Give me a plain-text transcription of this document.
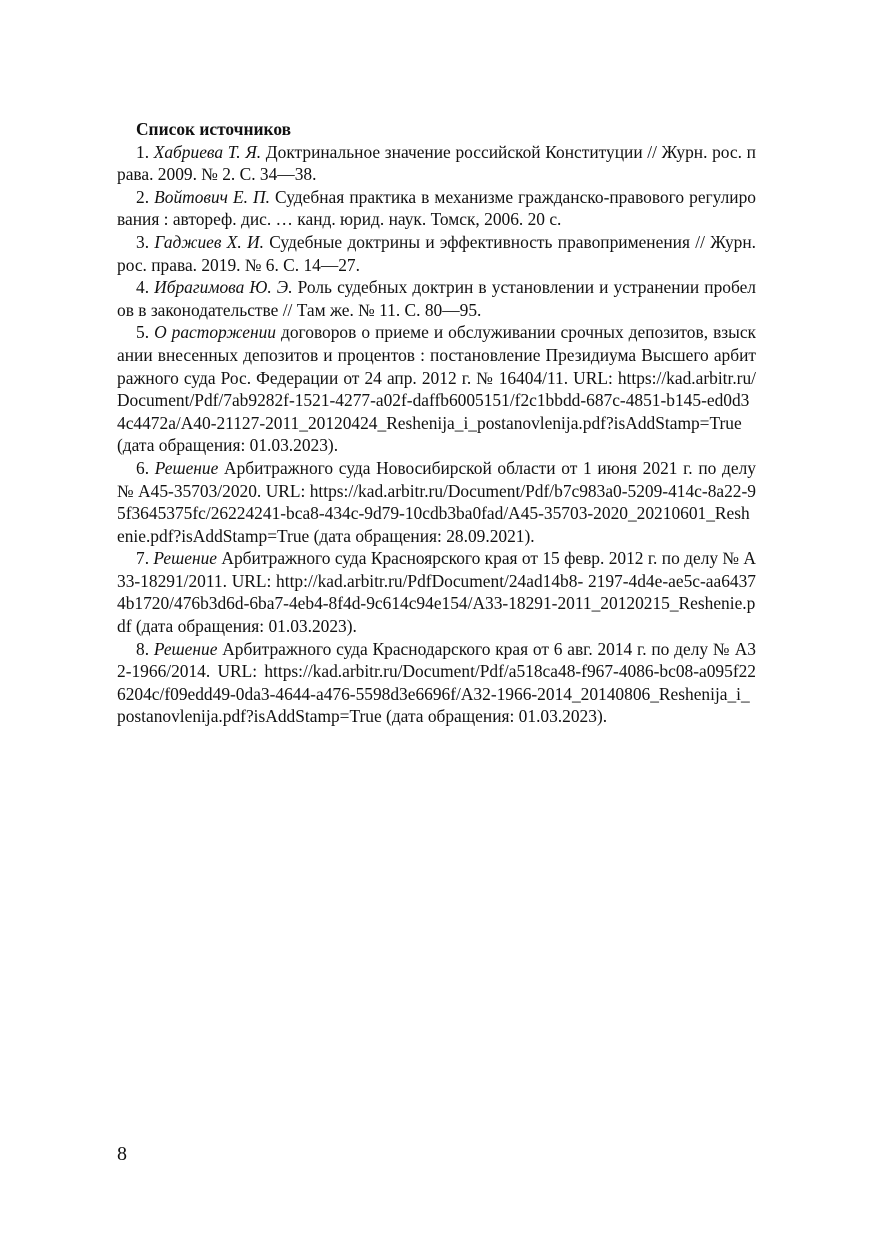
Список источников

1. Хабриева Т. Я. Доктринальное значение российской Конституции // Журн. рос. права. 2009. № 2. С. 34—38.

2. Войтович Е. П. Судебная практика в механизме гражданско-правового регулирования : автореф. дис. … канд. юрид. наук. Томск, 2006. 20 с.

3. Гаджиев Х. И. Судебные доктрины и эффективность правоприменения // Журн. рос. права. 2019. № 6. С. 14—27.

4. Ибрагимова Ю. Э. Роль судебных доктрин в установлении и устранении пробелов в законодательстве // Там же. № 11. С. 80—95.

5. О расторжении договоров о приеме и обслуживании срочных депозитов, взыскании внесенных депозитов и процентов : постановление Президиума Высшего арбитражного суда Рос. Федерации от 24 апр. 2012 г. № 16404/11. URL: https://kad.arbitr.ru/Document/Pdf/7ab9282f-1521-4277-a02f-daffb6005151/f2c1bbdd-687c-4851-b145-ed0d34c4472a/A40-21127-2011_20120424_Reshenija_i_postanovlenija.pdf?isAddStamp=True (дата обращения: 01.03.2023).

6. Решение Арбитражного суда Новосибирской области от 1 июня 2021 г. по делу № А45-35703/2020. URL: https://kad.arbitr.ru/Document/Pdf/b7c983a0-5209-414c-8a22-95f3645375fc/26224241-bca8-434c-9d79-10cdb3ba0fad/A45-35703-2020_20210601_Reshenie.pdf?isAddStamp=True (дата обращения: 28.09.2021).

7. Решение Арбитражного суда Красноярского края от 15 февр. 2012 г. по делу № А33-18291/2011. URL: http://kad.arbitr.ru/PdfDocument/24ad14b8- 2197-4d4e-ae5c-aa64374b1720/476b3d6d-6ba7-4eb4-8f4d-9c614c94e154/A33-18291-2011_20120215_Reshenie.pdf (дата обращения: 01.03.2023).

8. Решение Арбитражного суда Краснодарского края от 6 авг. 2014 г. по делу № А32-1966/2014. URL: https://kad.arbitr.ru/Document/Pdf/a518ca48-f967-4086-bc08-a095f226204c/f09edd49-0da3-4644-a476-5598d3e6696f/A32-1966-2014_20140806_Reshenija_i_postanovlenija.pdf?isAddStamp=True (дата обращения: 01.03.2023).

8
